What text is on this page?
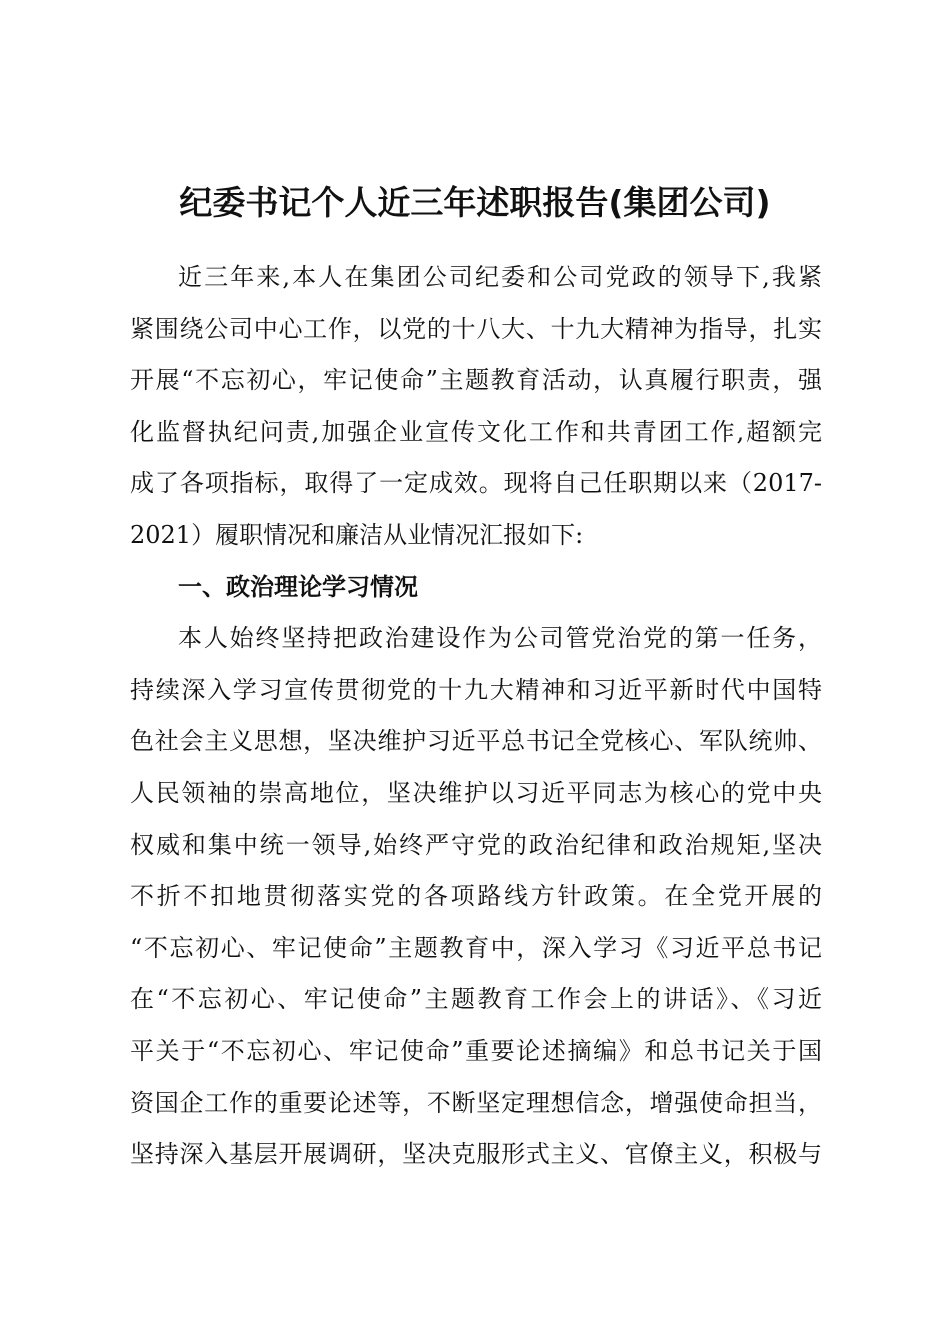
纪委书记个人近三年述职报告(集团公司)
近三年来,本人在集团公司纪委和公司党政的领导下,我紧
紧围绕公司中心工作，以党的十八大、十九大精神为指导，扎实
开展“不忘初心，牢记使命”主题教育活动，认真履行职责，强
化监督执纪问责,加强企业宣传文化工作和共青团工作,超额完
成了各项指标，取得了一定成效。现将自己任职期以来（2017-
2021）履职情况和廉洁从业情况汇报如下:
一、政治理论学习情况
本人始终坚持把政治建设作为公司管党治党的第一任务，
持续深入学习宣传贯彻党的十九大精神和习近平新时代中国特
色社会主义思想，坚决维护习近平总书记全党核心、军队统帅、
人民领袖的崇高地位，坚决维护以习近平同志为核心的党中央
权威和集中统一领导,始终严守党的政治纪律和政治规矩,坚决
不折不扣地贯彻落实党的各项路线方针政策。在全党开展的
“不忘初心、牢记使命”主题教育中，深入学习《习近平总书记
在“不忘初心、牢记使命”主题教育工作会上的讲话》、《习近
平关于“不忘初心、牢记使命”重要论述摘编》和总书记关于国
资国企工作的重要论述等，不断坚定理想信念，增强使命担当，
坚持深入基层开展调研，坚决克服形式主义、官僚主义，积极与
